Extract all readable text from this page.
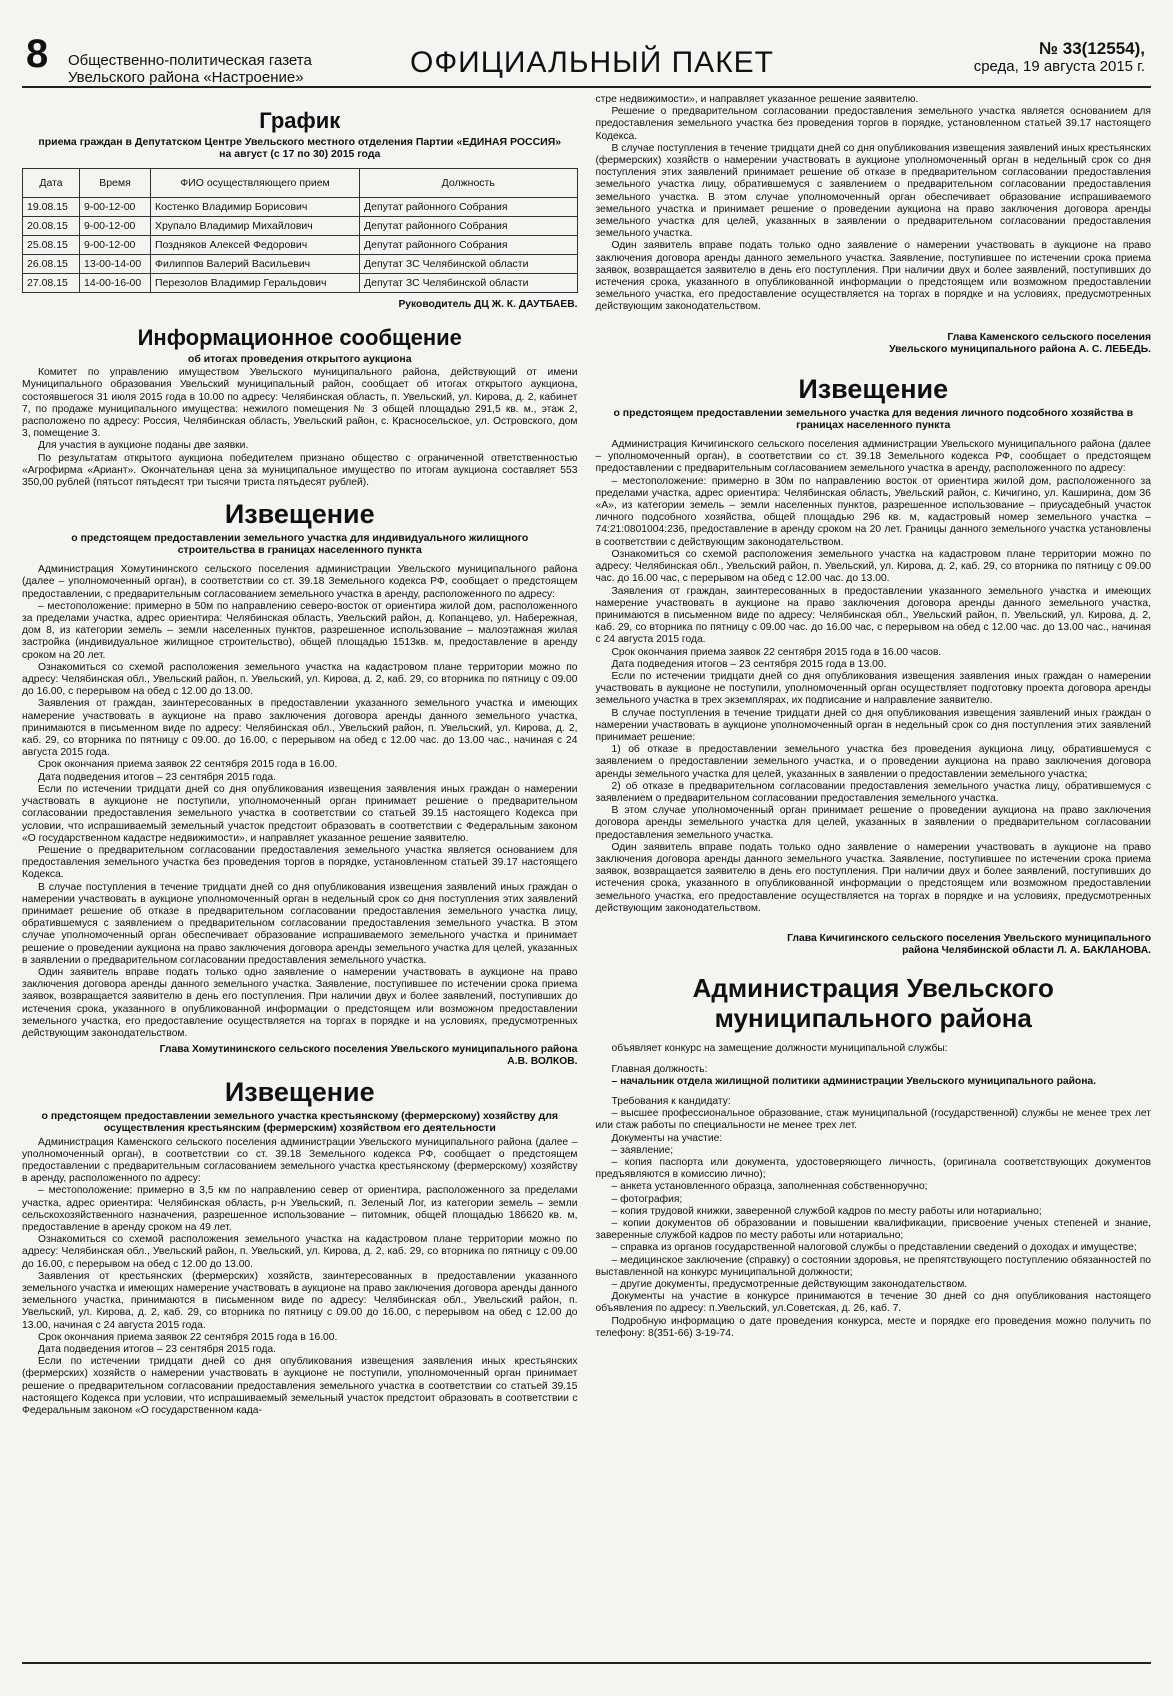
8 Общественно-политическая газета
Увельского района «Настроение»	ОФИЦИАЛЬНЫЙ ПАКЕТ	№ 33(12554),
среда, 19 августа 2015 г.
График
приема граждан в Депутатском Центре Увельского местного отделения Партии «ЕДИНАЯ РОССИЯ» на август (с 17 по 30) 2015 года
Дата	Время	ФИО осуществляющего прием	Должность
19.08.15	9-00-12-00	Костенко Владимир Борисович	Депутат районного Собрания
20.08.15	9-00-12-00	Хрупало Владимир Михайлович	Депутат районного Собрания
25.08.15	9-00-12-00	Поздняков Алексей Федорович	Депутат районного Собрания
26.08.15	13-00-14-00	Филиппов Валерий Васильевич	Депутат ЗС Челябинской области
27.08.15	14-00-16-00	Перезолов Владимир Геральдович	Депутат ЗС Челябинской области
Руководитель ДЦ Ж. К. ДАУТБАЕВ.
Информационное сообщение
об итогах проведения открытого аукциона

Комитет по управлению имуществом Увельского муниципального района, действующий от имени Муниципального образования Увельский муниципальный район, сообщает об итогах открытого аукциона, состоявшегося 31 июля 2015 года в 10.00 по адресу: Челябинская область, п. Увельский, ул. Кирова, д. 2, кабинет 7, по продаже муниципального имущества: нежилого помещения № 3 общей площадью 291,5 кв. м., этаж 2, расположено по адресу: Россия, Челябинская область, Увельский район, с. Красносельское, ул. Островского, дом 3, помещение 3.

Для участия в аукционе поданы две заявки.

По результатам открытого аукциона победителем признано общество с ограниченной ответственностью «Агрофирма «Ариант». Окончательная цена за муниципальное имущество по итогам аукциона составляет 553 350,00 рублей (пятьсот пятьдесят три тысячи триста пятьдесят рублей).

Извещение
о предстоящем предоставлении земельного участка для индивидуального жилищного строительства в границах населенного пункта

Администрация Хомутининского сельского поселения администрации Увельского муниципального района (далее – уполномоченный орган), в соответствии со ст. 39.18 Земельного кодекса РФ, сообщает о предстоящем предоставлении, с предварительным согласованием земельного участка в аренду, расположенного по адресу:

– местоположение: примерно в 50м по направлению северо-восток от ориентира жилой дом, расположенного за пределами участка, адрес ориентира: Челябинская область, Увельский район, д. Копанцево, ул. Набережная, дом 8, из категории земель – земли населенных пунктов, разрешенное использование – малоэтажная жилая застройка (индивидуальное жилищное строительство), общей площадью 1513кв. м, предоставление в аренду сроком на 20 лет.

Ознакомиться со схемой расположения земельного участка на кадастровом плане территории можно по адресу: Челябинская обл., Увельский район, п. Увельский, ул. Кирова, д. 2, каб. 29, со вторника по пятницу с 09.00 до 16.00, с перерывом на обед с 12.00 до 13.00.

Заявления от граждан, заинтересованных в предоставлении указанного земельного участка и имеющих намерение участвовать в аукционе на право заключения договора аренды данного земельного участка, принимаются в письменном виде по адресу: Челябинская обл., Увельский район, п. Увельский, ул. Кирова, д. 2, каб. 29, со вторника по пятницу с 09.00. до 16.00, с перерывом на обед с 12.00 час. до 13.00 час., начиная с 24 августа 2015 года.

Срок окончания приема заявок 22 сентября 2015 года в 16.00.

Дата подведения итогов – 23 сентября 2015 года.

Если по истечении тридцати дней со дня опубликования извещения заявления иных граждан о намерении участвовать в аукционе не поступили, уполномоченный орган принимает решение о предварительном согласовании предоставления земельного участка в соответствии со статьей 39.15 настоящего Кодекса при условии, что испрашиваемый земельный участок предстоит образовать в соответствии с Федеральным законом «О государственном кадастре недвижимости», и направляет указанное решение заявителю.

Решение о предварительном согласовании предоставления земельного участка является основанием для предоставления земельного участка без проведения торгов в порядке, установленном статьей 39.17 настоящего Кодекса.

В случае поступления в течение тридцати дней со дня опубликования извещения заявлений иных граждан о намерении участвовать в аукционе уполномоченный орган в недельный срок со дня поступления этих заявлений принимает решение об отказе в предварительном согласовании предоставления земельного участка лицу, обратившемуся с заявлением о предварительном согласовании предоставления земельного участка. В этом случае уполномоченный орган обеспечивает образование испрашиваемого земельного участка и принимает решение о проведении аукциона на право заключения договора аренды земельного участка для целей, указанных в заявлении о предварительном согласовании предоставления земельного участка.

Один заявитель вправе подать только одно заявление о намерении участвовать в аукционе на право заключения договора аренды данного земельного участка. Заявление, поступившее по истечении срока приема заявок, возвращается заявителю в день его поступления. При наличии двух и более заявлений, поступивших до истечения срока, указанного в опубликованной информации о предстоящем или возможном предоставлении земельного участка, его предоставление осуществляется на торгах в порядке и на условиях, предусмотренных действующим законодательством.

Глава Хомутининского сельского поселения Увельского муниципального района
А.В. ВОЛКОВ.
Извещение
о предстоящем предоставлении земельного участка крестьянскому (фермерскому) хозяйству для осуществления крестьянским (фермерским) хозяйством его деятельности

Администрация Каменского сельского поселения администрации Увельского муниципального района (далее – уполномоченный орган), в соответствии со ст. 39.18 Земельного кодекса РФ, сообщает о предстоящем предоставлении с предварительным согласованием земельного участка крестьянскому (фермерскому) хозяйству в аренду, расположенного по адресу:

– местоположение: примерно в 3,5 км по направлению север от ориентира, расположенного за пределами участка, адрес ориентира: Челябинская область, р-н Увельский, п. Зеленый Лог, из категории земель – земли сельскохозяйственного назначения, разрешенное использование – питомник, общей площадью 186620 кв. м, предоставление в аренду сроком на 49 лет.

Ознакомиться со схемой расположения земельного участка на кадастровом плане территории можно по адресу: Челябинская обл., Увельский район, п. Увельский, ул. Кирова, д. 2, каб. 29, со вторника по пятницу с 09.00 до 16.00, с перерывом на обед с 12.00 до 13.00.

Заявления от крестьянских (фермерских) хозяйств, заинтересованных в предоставлении указанного земельного участка и имеющих намерение участвовать в аукционе на право заключения договора аренды данного земельного участка, принимаются в письменном виде по адресу: Челябинская обл., Увельский район, п. Увельский, ул. Кирова, д. 2, каб. 29, со вторника по пятницу с 09.00 до 16.00, с перерывом на обед с 12.00 до 13.00, начиная с 24 августа 2015 года.

Срок окончания приема заявок 22 сентября 2015 года в 16.00.

Дата подведения итогов – 23 сентября 2015 года.

Если по истечении тридцати дней со дня опубликования извещения заявления иных крестьянских (фермерских) хозяйств о намерении участвовать в аукционе не поступили, уполномоченный орган принимает решение о предварительном согласовании предоставления земельного участка в соответствии со статьей 39.15 настоящего Кодекса при условии, что испрашиваемый земельный участок предстоит образовать в соответствии с Федеральным законом «О государственном када-

стре недвижимости», и направляет указанное решение заявителю.

Решение о предварительном согласовании предоставления земельного участка является основанием для предоставления земельного участка без проведения торгов в порядке, установленном статьей 39.17 настоящего Кодекса.

В случае поступления в течение тридцати дней со дня опубликования извещения заявлений иных крестьянских (фермерских) хозяйств о намерении участвовать в аукционе уполномоченный орган в недельный срок со дня поступления этих заявлений принимает решение об отказе в предварительном согласовании предоставления земельного участка лицу, обратившемуся с заявлением о предварительном согласовании предоставления земельного участка. В этом случае уполномоченный орган обеспечивает образование испрашиваемого земельного участка и принимает решение о проведении аукциона на право заключения договора аренды земельного участка для целей, указанных в заявлении о предварительном согласовании предоставления земельного участка.

Один заявитель вправе подать только одно заявление о намерении участвовать в аукционе на право заключения договора аренды данного земельного участка. Заявление, поступившее по истечении срока приема заявок, возвращается заявителю в день его поступления. При наличии двух и более заявлений, поступивших до истечения срока, указанного в опубликованной информации о предстоящем или возможном предоставлении земельного участка, его предоставление осуществляется на торгах в порядке и на условиях, предусмотренных действующим законодательством.

Глава Каменского сельского поселения
Увельского муниципального района А. С. ЛЕБЕДЬ.
Извещение
о предстоящем предоставлении земельного участка для ведения личного подсобного хозяйства в границах населенного пункта

Администрация Кичигинского сельского поселения администрации Увельского муниципального района (далее – уполномоченный орган), в соответствии со ст. 39.18 Земельного кодекса РФ, сообщает о предстоящем предоставлении с предварительным согласованием земельного участка в аренду, расположенного по адресу:

– местоположение: примерно в 30м по направлению восток от ориентира жилой дом, расположенного за пределами участка, адрес ориентира: Челябинская область, Увельский район, с. Кичигино, ул. Каширина, дом 36 «А», из категории земель – земли населенных пунктов, разрешенное использование – приусадебный участок личного подсобного хозяйства, общей площадью 296 кв. м, кадастровый номер земельного участка – 74:21:0801004:236, предоставление в аренду сроком на 20 лет. Границы данного земельного участка установлены в соответствии с действующим законодательством.

Ознакомиться со схемой расположения земельного участка на кадастровом плане территории можно по адресу: Челябинская обл., Увельский район, п. Увельский, ул. Кирова, д. 2, каб. 29, со вторника по пятницу с 09.00 час. до 16.00 час, с перерывом на обед с 12.00 час. до 13.00.

Заявления от граждан, заинтересованных в предоставлении указанного земельного участка и имеющих намерение участвовать в аукционе на право заключения договора аренды данного земельного участка, принимаются в письменном виде по адресу: Челябинская обл., Увельский район, п. Увельский, ул. Кирова, д. 2, каб. 29, со вторника по пятницу с 09.00 час. до 16.00 час, с перерывом на обед с 12.00 час. до 13.00 час., начиная с 24 августа 2015 года.

Срок окончания приема заявок 22 сентября 2015 года в 16.00 часов.

Дата подведения итогов – 23 сентября 2015 года в 13.00.

Если по истечении тридцати дней со дня опубликования извещения заявления иных граждан о намерении участвовать в аукционе не поступили, уполномоченный орган осуществляет подготовку проекта договора аренды земельного участка в трех экземплярах, их подписание и направление заявителю.

В случае поступления в течение тридцати дней со дня опубликования извещения заявлений иных граждан о намерении участвовать в аукционе уполномоченный орган в недельный срок со дня поступления этих заявлений принимает решение:

1) об отказе в предоставлении земельного участка без проведения аукциона лицу, обратившемуся с заявлением о предоставлении земельного участка, и о проведении аукциона на право заключения договора аренды земельного участка для целей, указанных в заявлении о предоставлении земельного участка;

2) об отказе в предварительном согласовании предоставления земельного участка лицу, обратившемуся с заявлением о предварительном согласовании предоставления земельного участка.

В этом случае уполномоченный орган принимает решение о проведении аукциона на право заключения договора аренды земельного участка для целей, указанных в заявлении о предварительном согласовании предоставления земельного участка.

Один заявитель вправе подать только одно заявление о намерении участвовать в аукционе на право заключения договора аренды данного земельного участка. Заявление, поступившее по истечении срока приема заявок, возвращается заявителю в день его поступления. При наличии двух и более заявлений, поступивших до истечения срока, указанного в опубликованной информации о предстоящем или возможном предоставлении земельного участка, его предоставление осуществляется на торгах в порядке и на условиях, предусмотренных действующим законодательством.

Глава Кичигинского сельского поселения Увельского муниципального
района Челябинской области Л. А. БАКЛАНОВА.
Администрация Увельского
муниципального района

объявляет конкурс на замещение должности муниципальной службы:

Главная должность:

– начальник отдела жилищной политики администрации Увельского муниципального района.

Требования к кандидату:

– высшее профессиональное образование, стаж муниципальной (государственной) службы не менее трех лет или стаж работы по специальности не менее трех лет.

Документы на участие:

– заявление;

– копия паспорта или документа, удостоверяющего личность, (оригинала соответствующих документов предъявляются в комиссию лично);

– анкета установленного образца, заполненная собственноручно;

– фотография;

– копия трудовой книжки, заверенной службой кадров по месту работы или нотариально;

– копии документов об образовании и повышении квалификации, присвоение ученых степеней и знание, заверенные службой кадров по месту работы или нотариально;

– справка из органов государственной налоговой службы о представлении сведений о доходах и имуществе;

– медицинское заключение (справку) о состоянии здоровья, не препятствующего поступлению обязанностей по выставленной на конкурс муниципальной должности;

– другие документы, предусмотренные действующим законодательством.

Документы на участие в конкурсе принимаются в течение 30 дней со дня опубликования настоящего объявления по адресу: п.Увельский, ул.Советская, д. 26, каб. 7.

Подробную информацию о дате проведения конкурса, месте и порядке его проведения можно получить по телефону: 8(351-66) 3-19-74.
